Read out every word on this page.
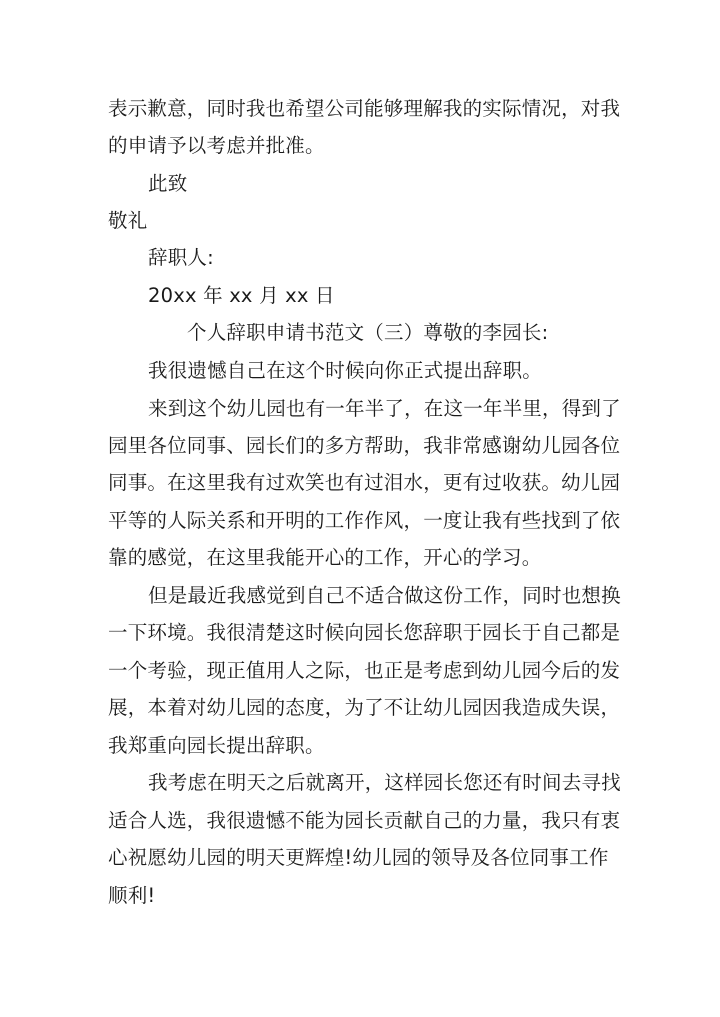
表示歉意，同时我也希望公司能够理解我的实际情况，对我
的申请予以考虑并批准。
此致
敬礼
辞职人:
20xx 年 xx 月 xx 日
个人辞职申请书范文（三）尊敬的李园长:
我很遗憾自己在这个时候向你正式提出辞职。
来到这个幼儿园也有一年半了，在这一年半里，得到了
园里各位同事、园长们的多方帮助，我非常感谢幼儿园各位
同事。在这里我有过欢笑也有过泪水，更有过收获。幼儿园
平等的人际关系和开明的工作作风，一度让我有些找到了依
靠的感觉，在这里我能开心的工作，开心的学习。
但是最近我感觉到自己不适合做这份工作，同时也想换
一下环境。我很清楚这时候向园长您辞职于园长于自己都是
一个考验，现正值用人之际，也正是考虑到幼儿园今后的发
展，本着对幼儿园的态度，为了不让幼儿园因我造成失误，
我郑重向园长提出辞职。
我考虑在明天之后就离开，这样园长您还有时间去寻找
适合人选，我很遗憾不能为园长贡献自己的力量，我只有衷
心祝愿幼儿园的明天更辉煌!幼儿园的领导及各位同事工作
顺利!
